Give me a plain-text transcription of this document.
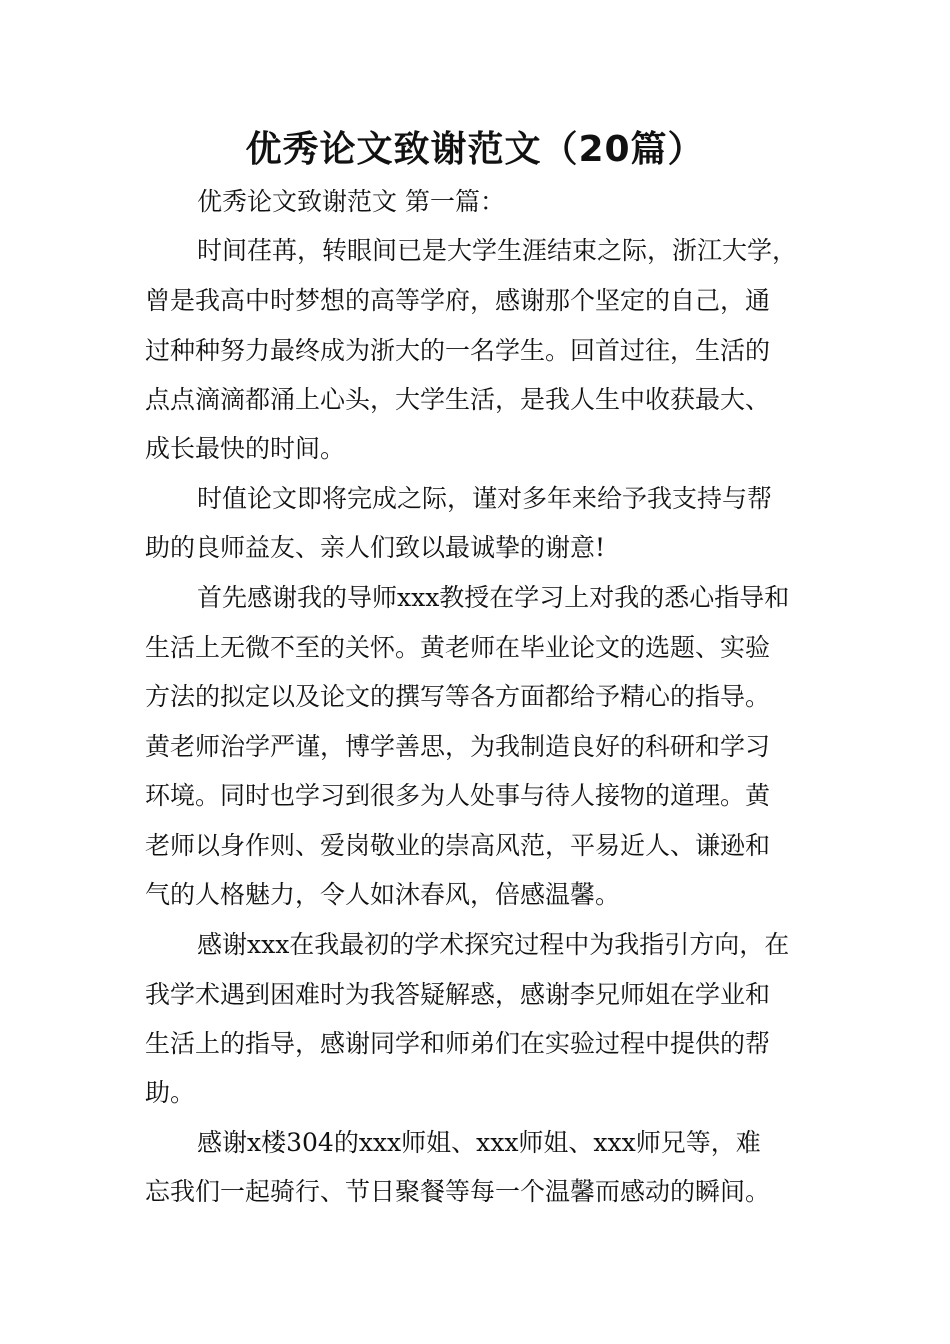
优秀论文致谢范文（20篇）

优秀论文致谢范文 第一篇：

时间荏苒，转眼间已是大学生涯结束之际，浙江大学，

曾是我高中时梦想的高等学府，感谢那个坚定的自己，通

过种种努力最终成为浙大的一名学生。回首过往，生活的

点点滴滴都涌上心头，大学生活，是我人生中收获最大、

成长最快的时间。

时值论文即将完成之际，谨对多年来给予我支持与帮

助的良师益友、亲人们致以最诚挚的谢意!

首先感谢我的导师xxx教授在学习上对我的悉心指导和

生活上无微不至的关怀。黄老师在毕业论文的选题、实验

方法的拟定以及论文的撰写等各方面都给予精心的指导。

黄老师治学严谨，博学善思，为我制造良好的科研和学习

环境。同时也学习到很多为人处事与待人接物的道理。黄

老师以身作则、爱岗敬业的崇高风范，平易近人、谦逊和

气的人格魅力，令人如沐春风，倍感温馨。

感谢xxx在我最初的学术探究过程中为我指引方向，在

我学术遇到困难时为我答疑解惑，感谢李兄师姐在学业和

生活上的指导，感谢同学和师弟们在实验过程中提供的帮

助。

感谢x楼304的xxx师姐、xxx师姐、xxx师兄等，难

忘我们一起骑行、节日聚餐等每一个温馨而感动的瞬间。
